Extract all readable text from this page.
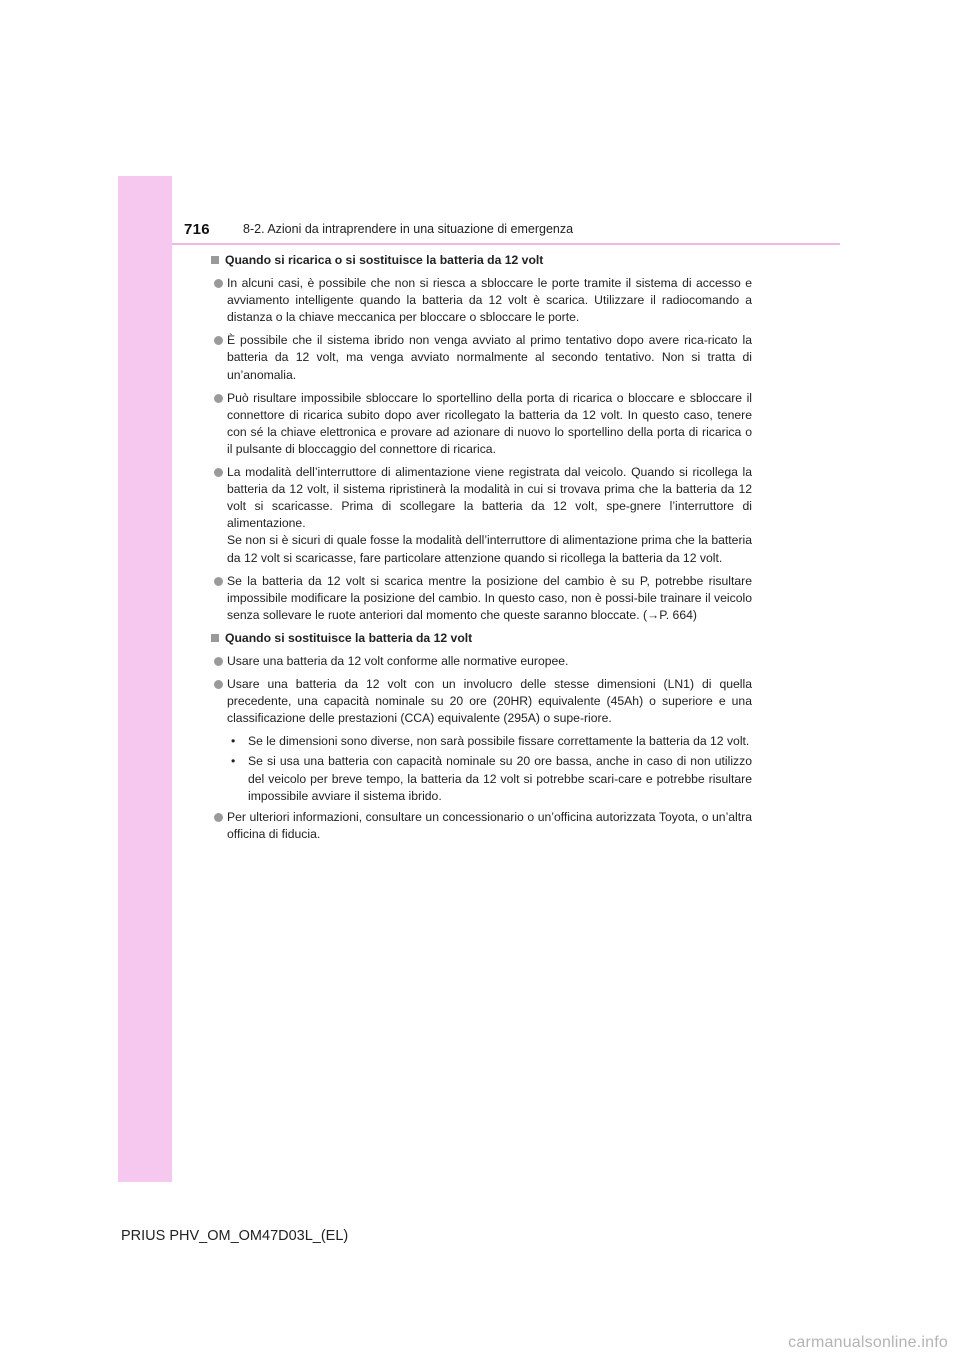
716	8-2. Azioni da intraprendere in una situazione di emergenza
Quando si ricarica o si sostituisce la batteria da 12 volt
In alcuni casi, è possibile che non si riesca a sbloccare le porte tramite il sistema di accesso e avviamento intelligente quando la batteria da 12 volt è scarica. Utilizzare il radiocomando a distanza o la chiave meccanica per bloccare o sbloccare le porte.
È possibile che il sistema ibrido non venga avviato al primo tentativo dopo avere rica-ricato la batteria da 12 volt, ma venga avviato normalmente al secondo tentativo. Non si tratta di un’anomalia.
Può risultare impossibile sbloccare lo sportellino della porta di ricarica o bloccare e sbloccare il connettore di ricarica subito dopo aver ricollegato la batteria da 12 volt. In questo caso, tenere con sé la chiave elettronica e provare ad azionare di nuovo lo sportellino della porta di ricarica o il pulsante di bloccaggio del connettore di ricarica.
La modalità dell’interruttore di alimentazione viene registrata dal veicolo. Quando si ricollega la batteria da 12 volt, il sistema ripristinerà la modalità in cui si trovava prima che la batteria da 12 volt si scaricasse. Prima di scollegare la batteria da 12 volt, spe-gnere l’interruttore di alimentazione.
Se non si è sicuri di quale fosse la modalità dell’interruttore di alimentazione prima che la batteria da 12 volt si scaricasse, fare particolare attenzione quando si ricollega la batteria da 12 volt.
Se la batteria da 12 volt si scarica mentre la posizione del cambio è su P, potrebbe risultare impossibile modificare la posizione del cambio. In questo caso, non è possi-bile trainare il veicolo senza sollevare le ruote anteriori dal momento che queste saranno bloccate. (→P. 664)
Quando si sostituisce la batteria da 12 volt
Usare una batteria da 12 volt conforme alle normative europee.
Usare una batteria da 12 volt con un involucro delle stesse dimensioni (LN1) di quella precedente, una capacità nominale su 20 ore (20HR) equivalente (45Ah) o superiore e una classificazione delle prestazioni (CCA) equivalente (295A) o supe-riore.
•	Se le dimensioni sono diverse, non sarà possibile fissare correttamente la batteria da 12 volt.
•	Se si usa una batteria con capacità nominale su 20 ore bassa, anche in caso di non utilizzo del veicolo per breve tempo, la batteria da 12 volt si potrebbe scari-care e potrebbe risultare impossibile avviare il sistema ibrido.
Per ulteriori informazioni, consultare un concessionario o un’officina autorizzata Toyota, o un’altra officina di fiducia.
PRIUS PHV_OM_OM47D03L_(EL)
carmanualsonline.info
